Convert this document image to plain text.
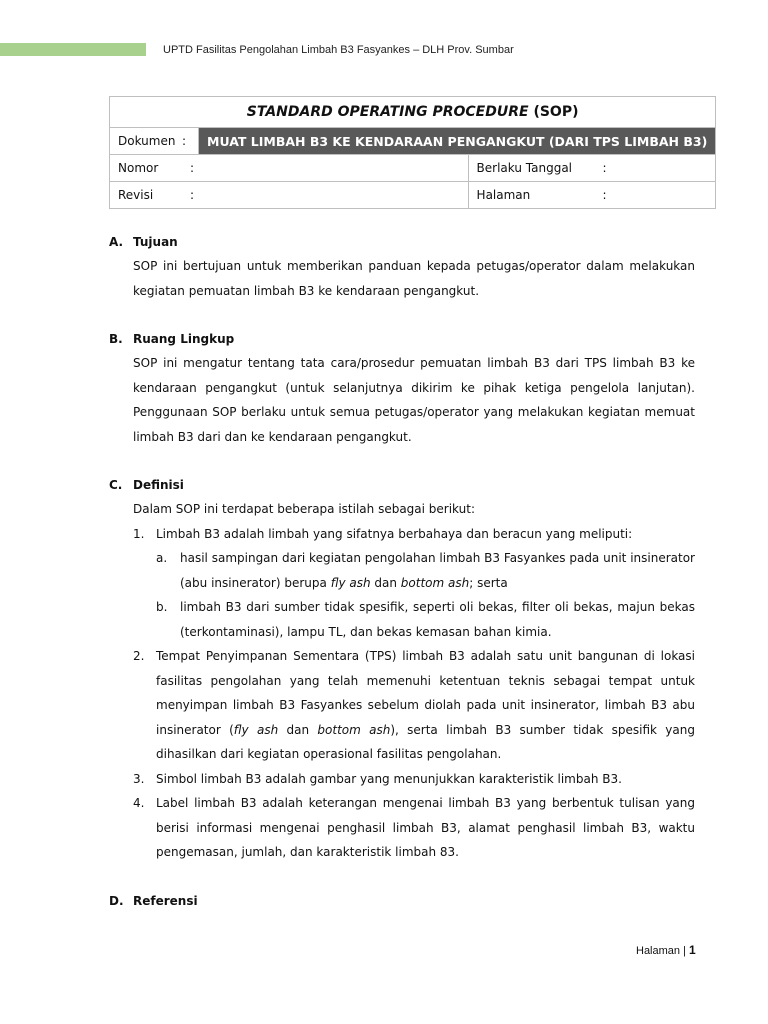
UPTD Fasilitas Pengolahan Limbah B3 Fasyankes – DLH Prov. Sumbar
STANDARD OPERATING PROCEDURE (SOP)		
Dokumen :	MUAT LIMBAH B3 KE KENDARAAN PENGANGKUT (DARI TPS LIMBAH B3)	
Nomor :		Berlaku Tanggal :
Revisi :		Halaman :
A. Tujuan
SOP ini bertujuan untuk memberikan panduan kepada petugas/operator dalam melakukan kegiatan pemuatan limbah B3 ke kendaraan pengangkut.
B. Ruang Lingkup
SOP ini mengatur tentang tata cara/prosedur pemuatan limbah B3 dari TPS limbah B3 ke kendaraan pengangkut (untuk selanjutnya dikirim ke pihak ketiga pengelola lanjutan). Penggunaan SOP berlaku untuk semua petugas/operator yang melakukan kegiatan memuat limbah B3 dari dan ke kendaraan pengangkut.
C. Definisi
Dalam SOP ini terdapat beberapa istilah sebagai berikut:
1. Limbah B3 adalah limbah yang sifatnya berbahaya dan beracun yang meliputi:
a.	hasil sampingan dari kegiatan pengolahan limbah B3 Fasyankes pada unit insinerator (abu insinerator) berupa fly ash dan bottom ash; serta
b.	limbah B3 dari sumber tidak spesifik, seperti oli bekas, filter oli bekas, majun bekas (terkontaminasi), lampu TL, dan bekas kemasan bahan kimia.
2. Tempat Penyimpanan Sementara (TPS) limbah B3 adalah satu unit bangunan di lokasi fasilitas pengolahan yang telah memenuhi ketentuan teknis sebagai tempat untuk menyimpan limbah B3 Fasyankes sebelum diolah pada unit insinerator, limbah B3 abu insinerator (fly ash dan bottom ash), serta limbah B3 sumber tidak spesifik yang dihasilkan dari kegiatan operasional fasilitas pengolahan.
3. Simbol limbah B3 adalah gambar yang menunjukkan karakteristik limbah B3.
4. Label limbah B3 adalah keterangan mengenai limbah B3 yang berbentuk tulisan yang berisi informasi mengenai penghasil limbah B3, alamat penghasil limbah B3, waktu pengemasan, jumlah, dan karakteristik limbah 83.
D. Referensi
Halaman | 1
